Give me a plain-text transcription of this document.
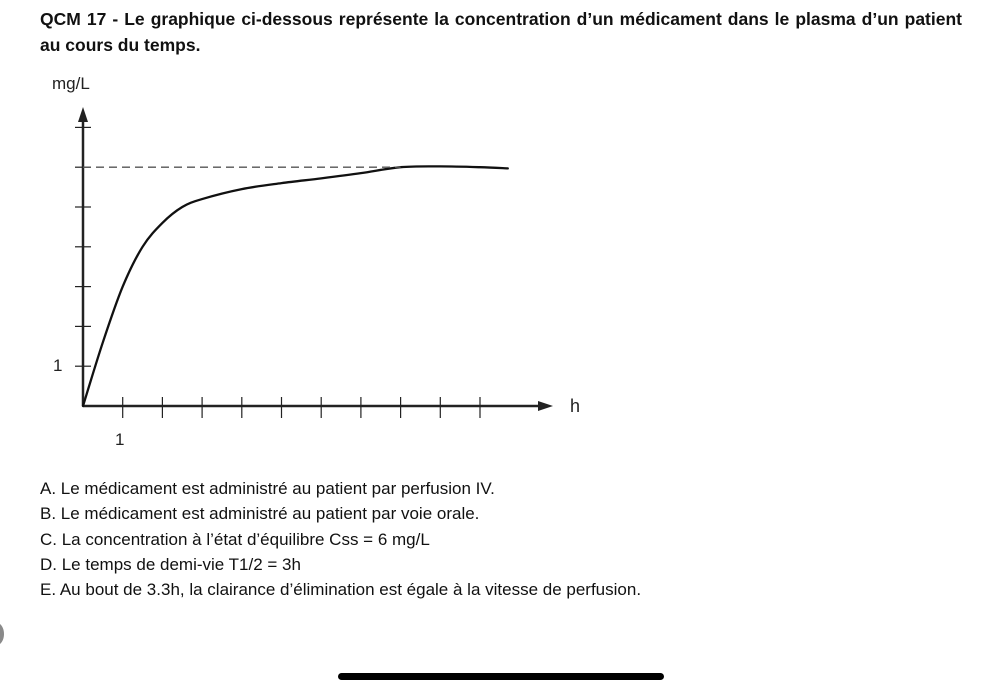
QCM 17 - Le graphique ci-dessous représente la concentration d’un médicament dans le plasma d’un patient au cours du temps.
mg/L
1
1
h
A. Le médicament est administré au patient par perfusion IV.
B. Le médicament est administré au patient par voie orale.
C. La concentration à l’état d’équilibre Css = 6 mg/L
D. Le temps de demi-vie T1/2 = 3h
E. Au bout de 3.3h, la clairance d’élimination est égale à la vitesse de perfusion.
